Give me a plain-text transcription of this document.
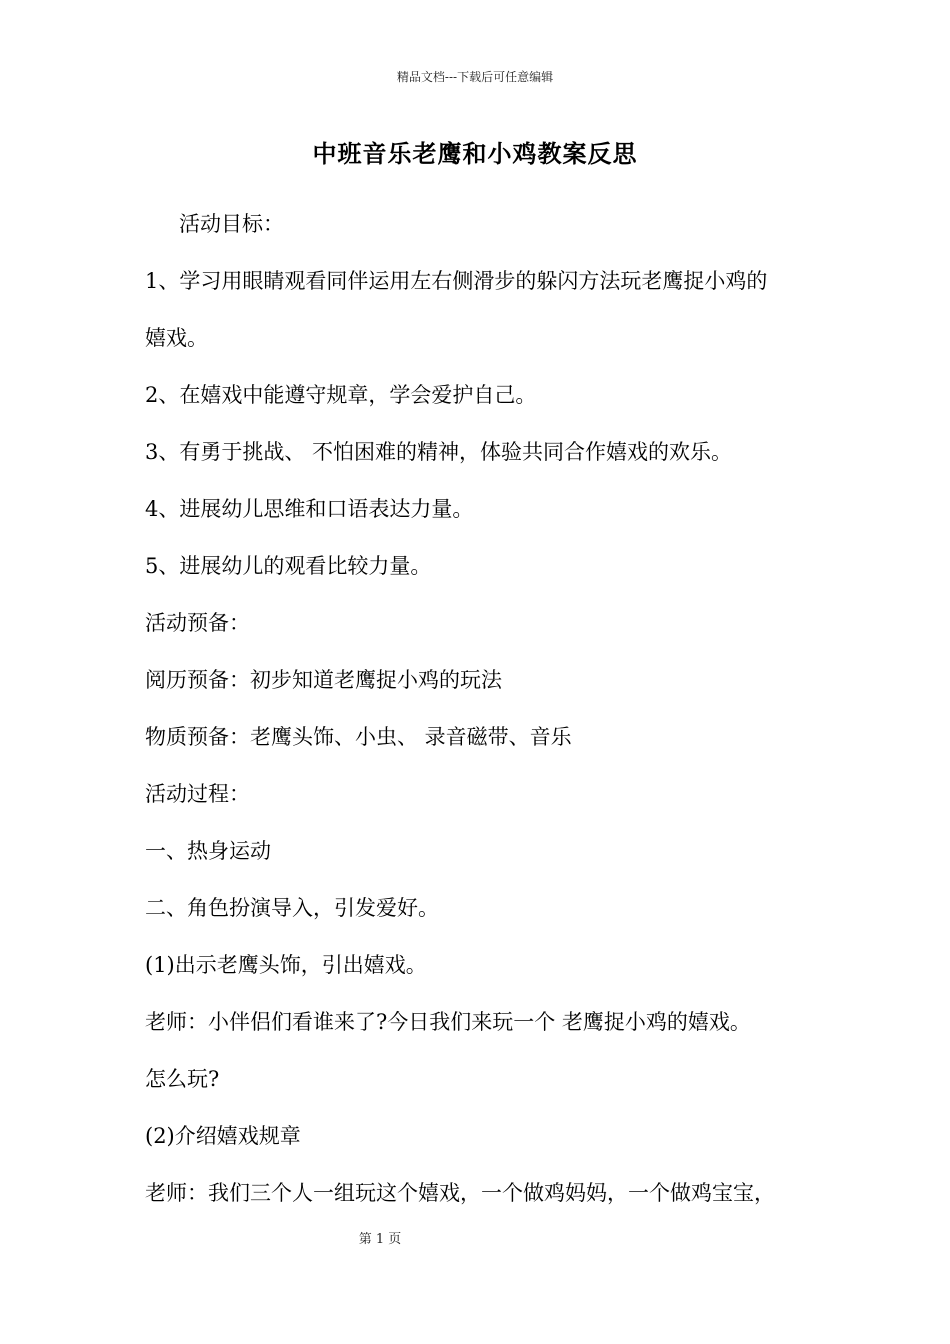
精品文档---下载后可任意编辑
中班音乐老鹰和小鸡教案反思

活动目标：

1、学习用眼睛观看同伴运用左右侧滑步的躲闪方法玩老鹰捉小鸡的

嬉戏。

2、在嬉戏中能遵守规章，学会爱护自己。

3、有勇于挑战、 不怕困难的精神，体验共同合作嬉戏的欢乐。

4、进展幼儿思维和口语表达力量。

5、进展幼儿的观看比较力量。

活动预备：

阅历预备：初步知道老鹰捉小鸡的玩法

物质预备：老鹰头饰、小虫、 录音磁带、音乐

活动过程：

一、热身运动

二、角色扮演导入，引发爱好。

(1)出示老鹰头饰，引出嬉戏。

老师：小伴侣们看谁来了?今日我们来玩一个 老鹰捉小鸡的嬉戏。

怎么玩?

(2)介绍嬉戏规章

老师：我们三个人一组玩这个嬉戏，一个做鸡妈妈，一个做鸡宝宝，

第 1 页
